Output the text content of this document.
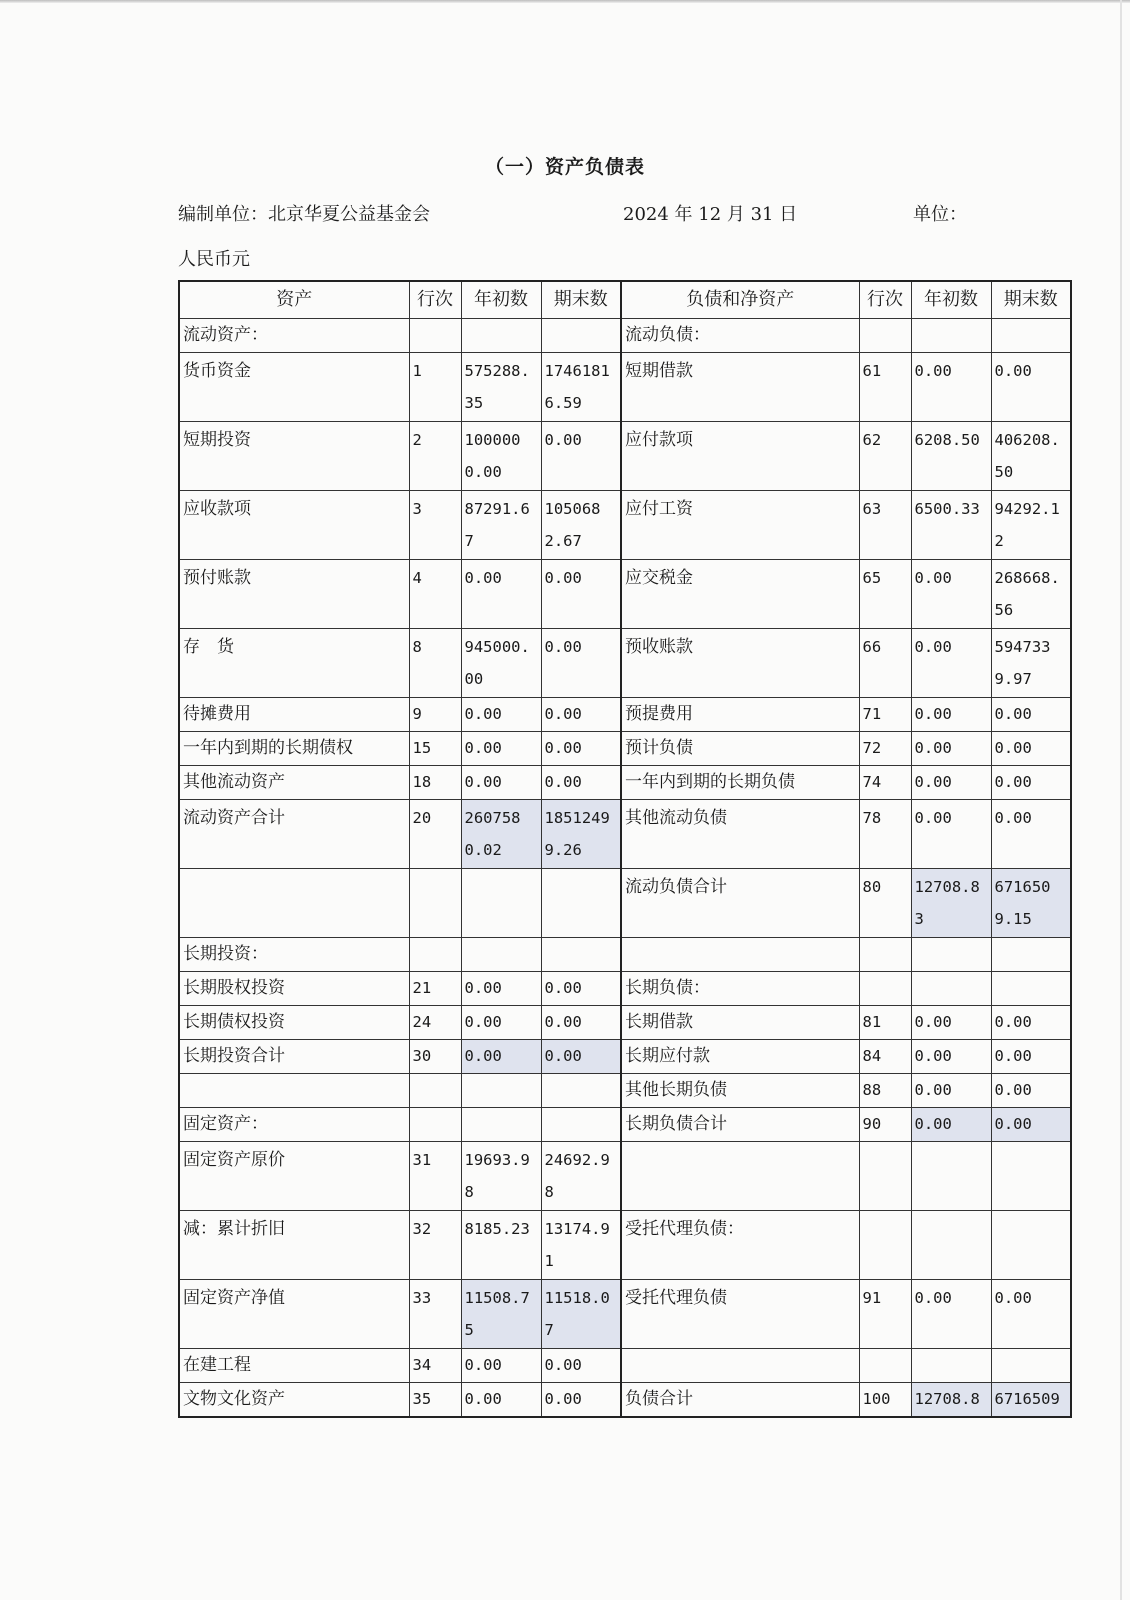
（一）资产负债表
编制单位：北京华夏公益基金会	2024 年 12 月 31 日	单位：
人民币元
资产	行次	年初数	期末数	负债和净资产	行次	年初数	期末数
流动资产：				流动负债：			
货币资金	1	575288.35	17461816.59	短期借款	61	0.00	0.00
短期投资	2	1000000.00	0.00	应付款项	62	6208.50	406208.50
应收款项	3	87291.67	1050682.67	应付工资	63	6500.33	94292.12
预付账款	4	0.00	0.00	应交税金	65	0.00	268668.56
存　货	8	945000.00	0.00	预收账款	66	0.00	5947339.97
待摊费用	9	0.00	0.00	预提费用	71	0.00	0.00
一年内到期的长期债权	15	0.00	0.00	预计负债	72	0.00	0.00
其他流动资产	18	0.00	0.00	一年内到期的长期负债	74	0.00	0.00
流动资产合计	20	2607580.02	18512499.26	其他流动负债	78	0.00	0.00
				流动负债合计	80	12708.83	6716509.15
长期投资：							
长期股权投资	21	0.00	0.00	长期负债：			
长期债权投资	24	0.00	0.00	长期借款	81	0.00	0.00
长期投资合计	30	0.00	0.00	长期应付款	84	0.00	0.00
				其他长期负债	88	0.00	0.00
固定资产：				长期负债合计	90	0.00	0.00
固定资产原价	31	19693.98	24692.98				
减：累计折旧	32	8185.23	13174.91	受托代理负债：			
固定资产净值	33	11508.75	11518.07	受托代理负债	91	0.00	0.00
在建工程	34	0.00	0.00				
文物文化资产	35	0.00	0.00	负债合计	100	12708.8	6716509
